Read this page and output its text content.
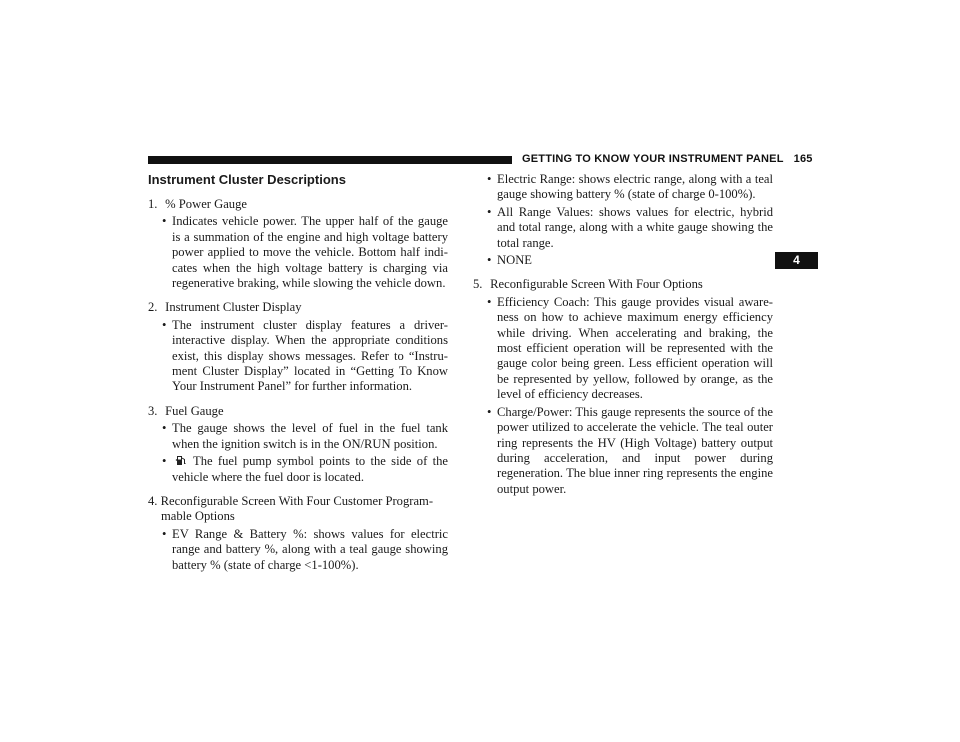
GETTING TO KNOW YOUR INSTRUMENT PANEL 165
4
Instrument Cluster Descriptions
1. % Power Gauge
• Indicates vehicle power. The upper half of the gauge is a summation of the engine and high voltage battery power applied to move the vehicle. Bottom half indi-cates when the high voltage battery is charging via regenerative braking, while slowing the vehicle down.
2. Instrument Cluster Display
• The instrument cluster display features a driver-interactive display. When the appropriate conditions exist, this display shows messages. Refer to “Instru-ment Cluster Display” located in “Getting To Know Your Instrument Panel” for further information.
3. Fuel Gauge
• The gauge shows the level of fuel in the fuel tank when the ignition switch is in the ON/RUN position.
• The fuel pump symbol points to the side of the vehicle where the fuel door is located.
4. Reconfigurable Screen With Four Customer Program-mable Options
• EV Range & Battery %: shows values for electric range and battery %, along with a teal gauge showing battery % (state of charge <1-100%).
• Electric Range: shows electric range, along with a teal gauge showing battery % (state of charge 0-100%).
• All Range Values: shows values for electric, hybrid and total range, along with a white gauge showing the total range.
• NONE
5. Reconfigurable Screen With Four Options
• Efficiency Coach: This gauge provides visual aware-ness on how to achieve maximum energy efficiency while driving. When accelerating and braking, the most efficient operation will be represented with the gauge color being green. Less efficient operation will be represented by yellow, followed by orange, as the level of efficiency decreases.
• Charge/Power: This gauge represents the source of the power utilized to accelerate the vehicle. The teal outer ring represents the HV (High Voltage) battery output during acceleration, and input power during regeneration. The blue inner ring represents the engine output power.
